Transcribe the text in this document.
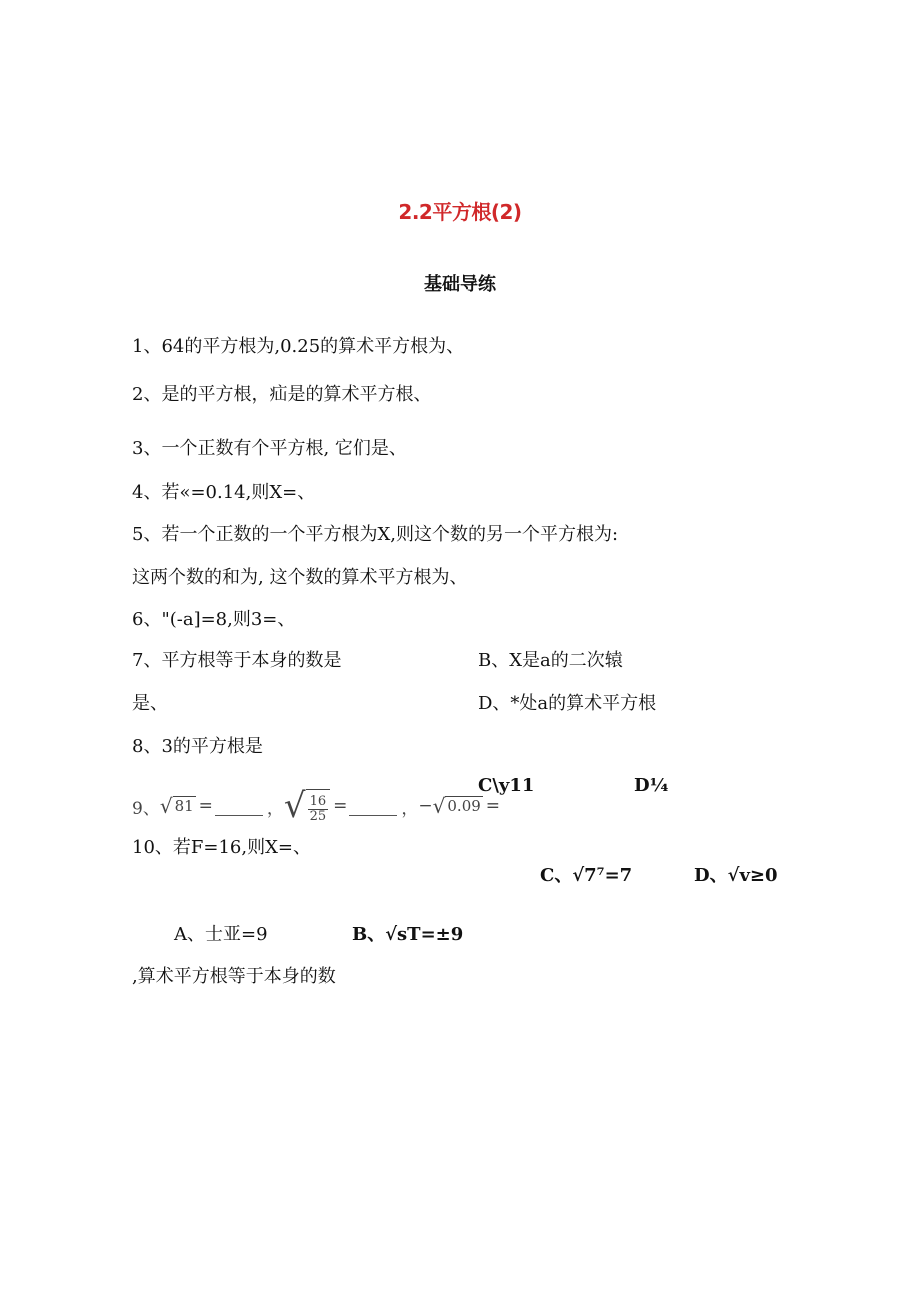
2.2平方根(2)
基础导练
1、64的平方根为,0.25的算术平方根为、
2、是的平方根，疝是的算术平方根、
3、一个正数有个平方根, 它们是、
4、若«=0.14,则X=、
5、若一个正数的一个平方根为X,则这个数的另一个平方根为:
这两个数的和为, 这个数的算术平方根为、
6、"(-a]=8,则3=、
7、平方根等于本身的数是	B、X是a的二次辕
是、	D、*处a的算术平方根
8、3的平方根是
C\y11	D¼
9、 √ 81 =	， √ $\frac{16}{25}$ =	， − √ 0.09 =
10、若F=16,则X=、
C、√7⁷=7	D、√v≥0
A、士亚=9	B、√sT=±9
,算术平方根等于本身的数
